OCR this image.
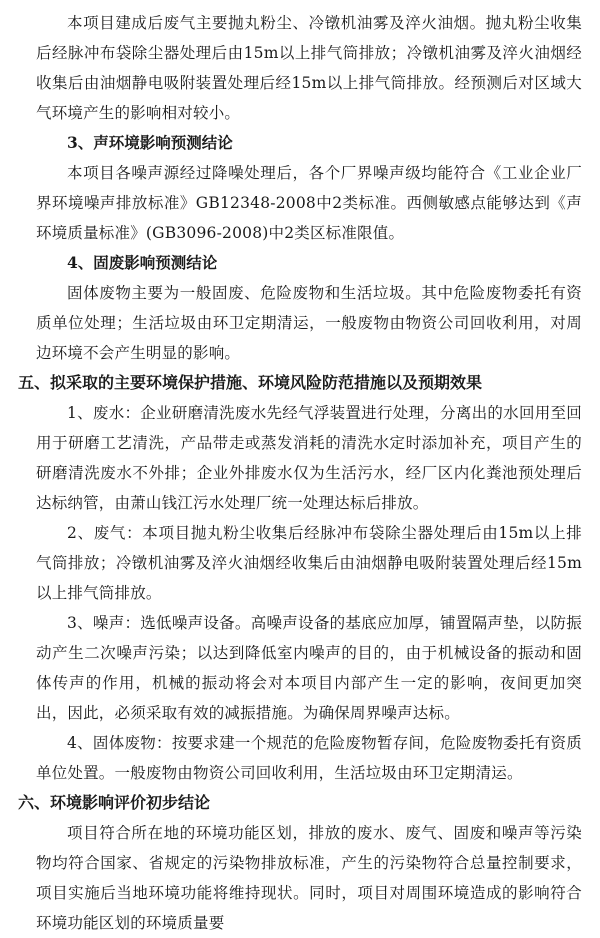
本项目建成后废气主要抛丸粉尘、冷镦机油雾及淬火油烟。抛丸粉尘收集后经脉冲布袋除尘器处理后由15m以上排气筒排放；冷镦机油雾及淬火油烟经收集后由油烟静电吸附装置处理后经15m以上排气筒排放。经预测后对区域大气环境产生的影响相对较小。

3、声环境影响预测结论

本项目各噪声源经过降噪处理后，各个厂界噪声级均能符合《工业企业厂界环境噪声排放标准》GB12348-2008中2类标准。西侧敏感点能够达到《声环境质量标准》(GB3096-2008)中2类区标准限值。

4、固废影响预测结论

固体废物主要为一般固废、危险废物和生活垃圾。其中危险废物委托有资质单位处理；生活垃圾由环卫定期清运，一般废物由物资公司回收利用，对周边环境不会产生明显的影响。

五、拟采取的主要环境保护措施、环境风险防范措施以及预期效果

1、废水：企业研磨清洗废水先经气浮装置进行处理，分离出的水回用至回用于研磨工艺清洗，产品带走或蒸发消耗的清洗水定时添加补充，项目产生的研磨清洗废水不外排；企业外排废水仅为生活污水，经厂区内化粪池预处理后达标纳管，由萧山钱江污水处理厂统一处理达标后排放。

2、废气：本项目抛丸粉尘收集后经脉冲布袋除尘器处理后由15m以上排气筒排放；冷镦机油雾及淬火油烟经收集后由油烟静电吸附装置处理后经15m以上排气筒排放。

3、噪声：选低噪声设备。高噪声设备的基底应加厚，铺置隔声垫，以防振动产生二次噪声污染；以达到降低室内噪声的目的，由于机械设备的振动和固体传声的作用，机械的振动将会对本项目内部产生一定的影响，夜间更加突出，因此，必须采取有效的减振措施。为确保周界噪声达标。

4、固体废物：按要求建一个规范的危险废物暂存间，危险废物委托有资质单位处置。一般废物由物资公司回收利用，生活垃圾由环卫定期清运。

六、环境影响评价初步结论

项目符合所在地的环境功能区划，排放的废水、废气、固废和噪声等污染物均符合国家、省规定的污染物排放标准，产生的污染物符合总量控制要求，项目实施后当地环境功能将维持现状。同时，项目对周围环境造成的影响符合环境功能区划的环境质量要
